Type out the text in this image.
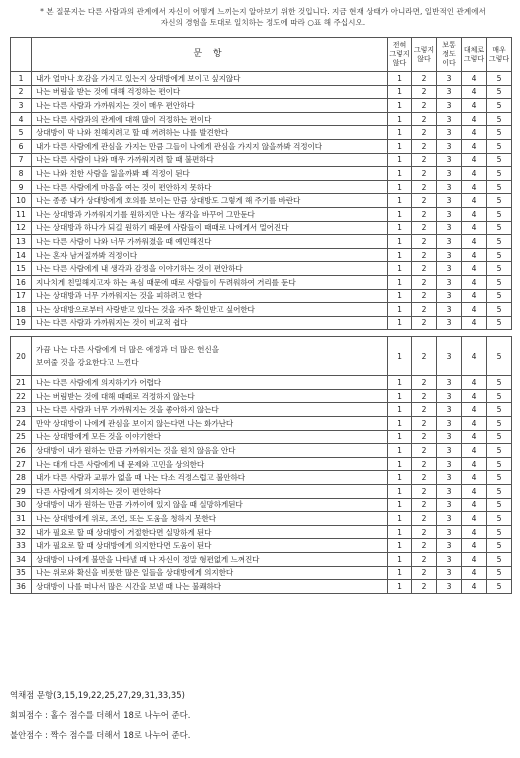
* 본 질문지는 다른 사람과의 관계에서 자신이 어떻게 느끼는지 알아보기 위한 것입니다. 지금 현재 상태가 아니라면, 일반적인 관계에서
자신의 경험을 토대로 일치하는 정도에 따라 ○표 해 주십시오.
	문 항	전혀
그렇지
않다	그렇지
않다	보통
정도
이다	대체로
그렇다	매우
그렇다
1	내가 얼마나 호감을 가지고 있는지 상대방에게 보이고 싶지않다	1	2	3	4	5
2	나는 버림을 받는 것에 대해 걱정하는 편이다	1	2	3	4	5
3	나는 다른 사람과 가까워지는 것이 매우 편안하다	1	2	3	4	5
4	나는 다른 사람과의 관계에 대해 많이 걱정하는 편이다	1	2	3	4	5
5	상대방이 막 나와 친해지려고 할 때 꺼려하는 나를 발견한다	1	2	3	4	5
6	내가 다른 사람에게 관심을 가지는 만큼 그들이 나에게 관심을 가지지 않을까봐 걱정이다	1	2	3	4	5
7	나는 다른 사람이 나와 매우 가까워지려 할 때 불편하다	1	2	3	4	5
8	나는 나와 친한 사람을 잃을까봐 꽤 걱정이 된다	1	2	3	4	5
9	나는 다른 사람에게 마음을 여는 것이 편안하지 못하다	1	2	3	4	5
10	나는 종종 내가 상대방에게 호의를 보이는 만큼 상대방도 그렇게 해 주기를 바란다	1	2	3	4	5
11	나는 상대방과 가까워지기를 원하지만 나는 생각을 바꾸어 그만둔다	1	2	3	4	5
12	나는 상대방과 하나가 되길 원하기 때문에 사람들이 때때로 나에게서 멀어진다	1	2	3	4	5
13	나는 다른 사람이 나와 너무 가까워졌을 때 예민해진다	1	2	3	4	5
14	나는 혼자 남겨질까봐 걱정이다	1	2	3	4	5
15	나는 다른 사람에게 내 생각과 감정을 이야기하는 것이 편안하다	1	2	3	4	5
16	지나치게 친밀해지고자 하는 욕심 때문에 때로 사람들이 두려워하여 거리를 둔다	1	2	3	4	5
17	나는 상대방과 너무 가까워지는 것을 피하려고 한다	1	2	3	4	5
18	나는 상대방으로부터 사랑받고 있다는 것을 자주 확인받고 싶어한다	1	2	3	4	5
19	나는 다른 사람과 가까워지는 것이 비교적 쉽다	1	2	3	4	5

20	가끔 나는 다른 사람에게 더 많은 애정과 더 많은 헌신을
보여줄 것을 강요한다고 느낀다	1	2	3	4	5
21	나는 다른 사람에게 의지하기가 어렵다	1	2	3	4	5
22	나는 버림받는 것에 대해 때때로 걱정하지 않는다	1	2	3	4	5
23	나는 다른 사람과 너무 가까워지는 것을 좋아하지 않는다	1	2	3	4	5
24	만약 상대방이 나에게 관심을 보이지 않는다면 나는 화가난다	1	2	3	4	5
25	나는 상대방에게 모든 것을 이야기한다	1	2	3	4	5
26	상대방이 내가 원하는 만큼 가까워지는 것을 원치 않음을 안다	1	2	3	4	5
27	나는 대개 다른 사람에게 내 문제와 고민을 상의한다	1	2	3	4	5
28	내가 다른 사람과 교류가 없을 때 나는 다소 걱정스럽고 불안하다	1	2	3	4	5
29	다른 사람에게 의지하는 것이 편안하다	1	2	3	4	5
30	상대방이 내가 원하는 만큼 가까이에 있지 않을 때 실망하게된다	1	2	3	4	5
31	나는 상대방에게 위로, 조언, 또는 도움을 청하지 못한다	1	2	3	4	5
32	내가 필요로 할 때 상대방이 거절한다면 실망하게 된다	1	2	3	4	5
33	내가 필요로 할 때 상대방에게 의지한다면 도움이 된다	1	2	3	4	5
34	상대방이 나에게 불만을 나타낼 때 나 자신이 정말 형편없게 느껴진다	1	2	3	4	5
35	나는 위로와 확신을 비롯한 많은 일들을 상대방에게 의지한다	1	2	3	4	5
36	상대방이 나를 떠나서 많은 시간을 보낼 때 나는 불쾌하다	1	2	3	4	5
역채점 문항(3,15,19,22,25,27,29,31,33,35)
회피점수 : 홀수 점수를 더해서 18로 나누어 준다.
불안점수 : 짝수 점수를 더해서 18로 나누어 준다.
